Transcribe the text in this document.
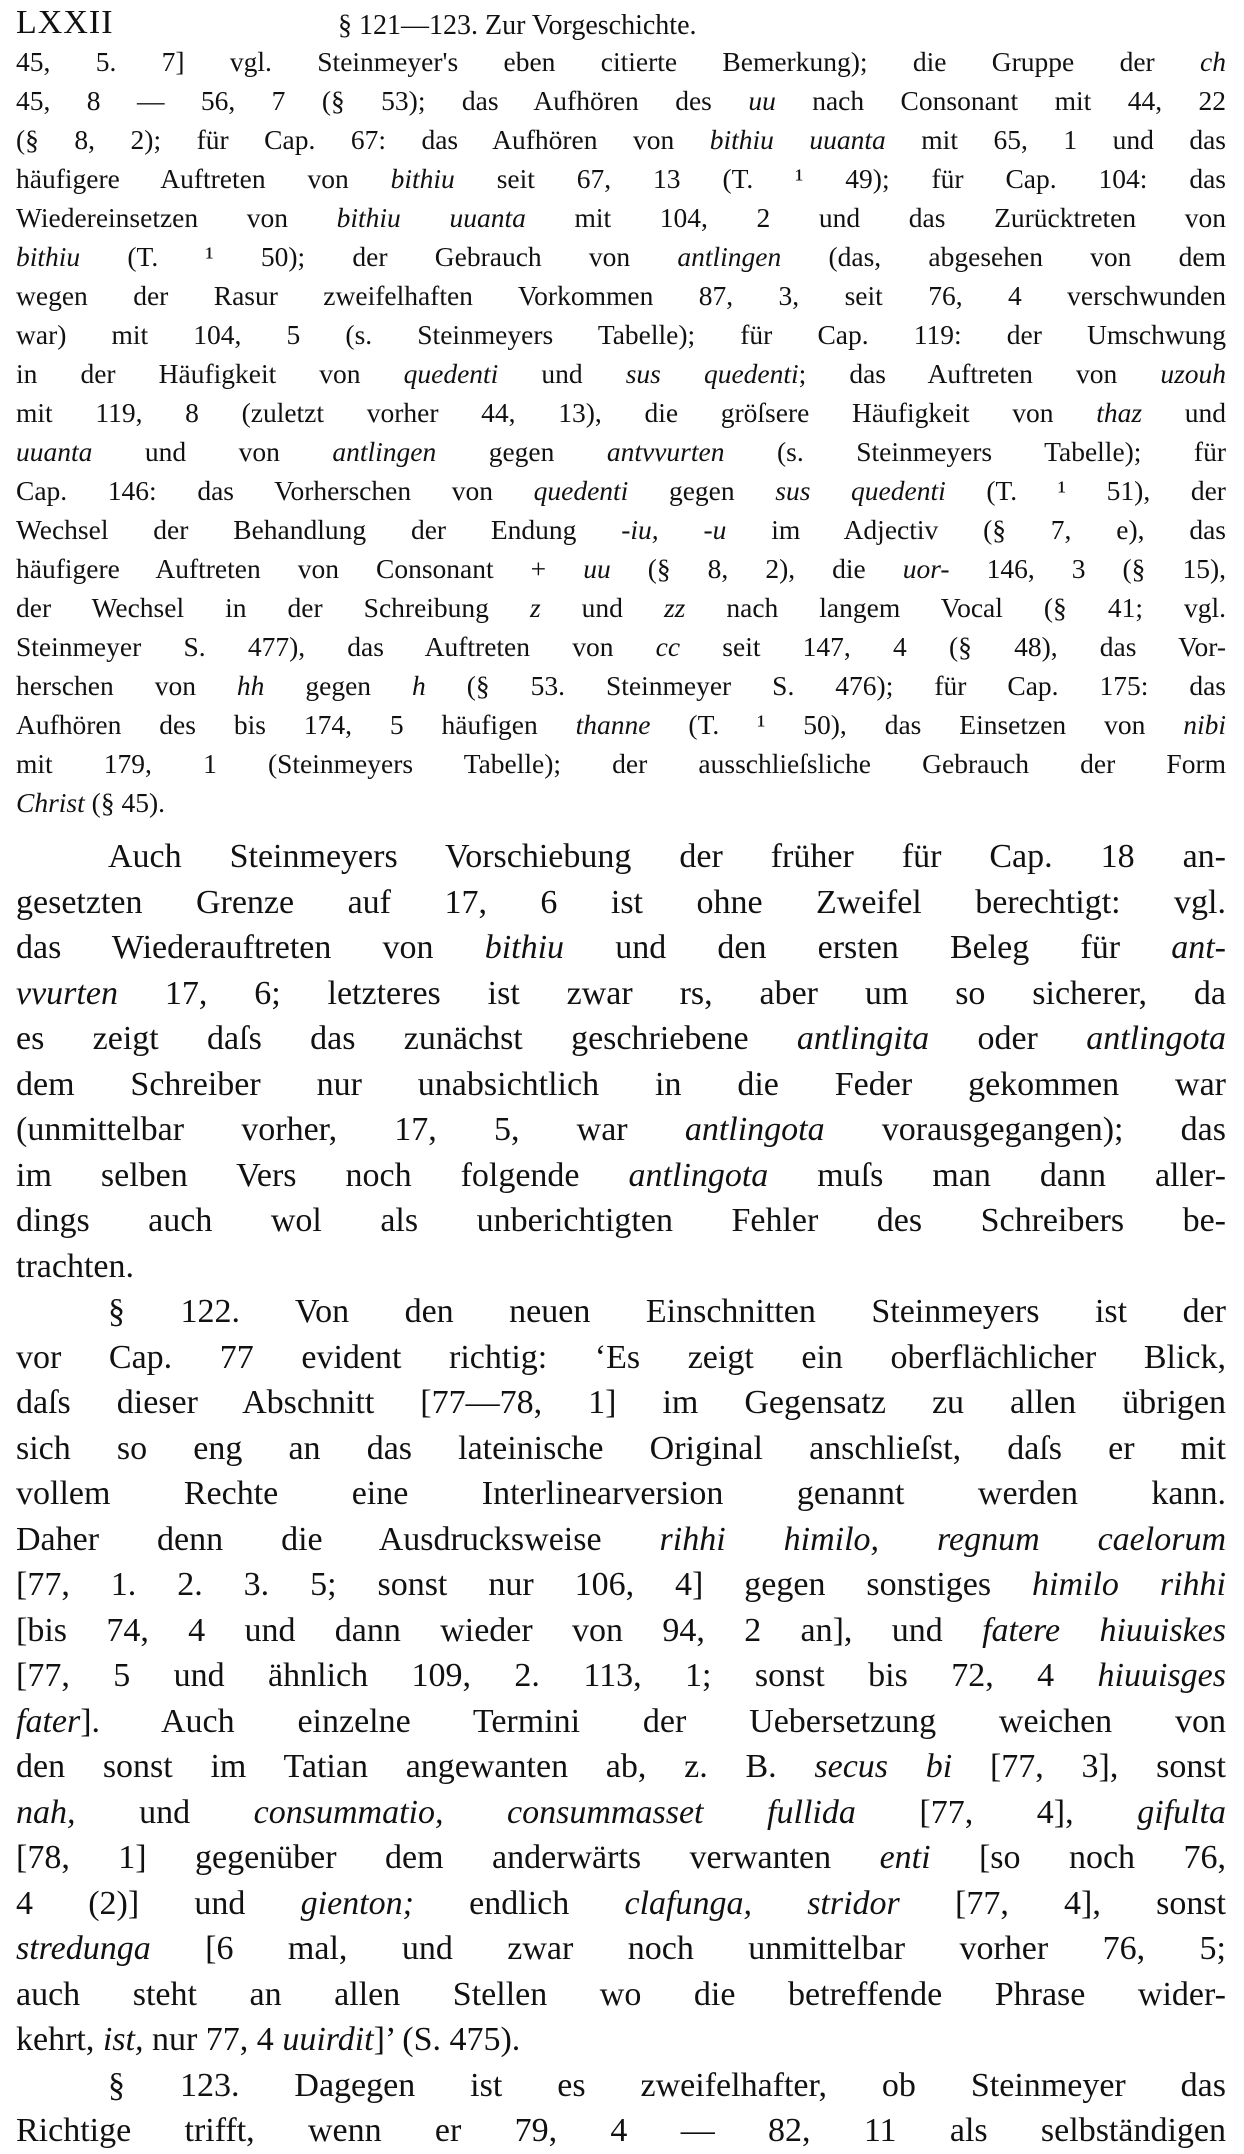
LXXII	§ 121—123. Zur Vorgeschichte.
45, 5. 7] vgl. Steinmeyer's eben citierte Bemerkung); die Gruppe der ch
45, 8 — 56, 7 (§ 53); das Aufhören des uu nach Consonant mit 44, 22
(§ 8, 2); für Cap. 67: das Aufhören von bithiu uuanta mit 65, 1 und das
häufigere Auftreten von bithiu seit 67, 13 (T. ¹ 49); für Cap. 104: das
Wiedereinsetzen von bithiu uuanta mit 104, 2 und das Zurücktreten von
bithiu (T. ¹ 50); der Gebrauch von antlingen (das, abgesehen von dem
wegen der Rasur zweifelhaften Vorkommen 87, 3, seit 76, 4 verschwunden
war) mit 104, 5 (s. Steinmeyers Tabelle); für Cap. 119: der Umschwung
in der Häufigkeit von quedenti und sus quedenti; das Auftreten von uzouh
mit 119, 8 (zuletzt vorher 44, 13), die gröſsere Häufigkeit von thaz und
uuanta und von antlingen gegen antvvurten (s. Steinmeyers Tabelle); für
Cap. 146: das Vorherschen von quedenti gegen sus quedenti (T. ¹ 51), der
Wechsel der Behandlung der Endung -iu, -u im Adjectiv (§ 7, e), das
häufigere Auftreten von Consonant + uu (§ 8, 2), die uor- 146, 3 (§ 15),
der Wechsel in der Schreibung z und zz nach langem Vocal (§ 41; vgl.
Steinmeyer S. 477), das Auftreten von cc seit 147, 4 (§ 48), das Vor-
herschen von hh gegen h (§ 53. Steinmeyer S. 476); für Cap. 175: das
Aufhören des bis 174, 5 häufigen thanne (T. ¹ 50), das Einsetzen von nibi
mit 179, 1 (Steinmeyers Tabelle); der ausschlieſsliche Gebrauch der Form
Christ (§ 45).
Auch Steinmeyers Vorschiebung der früher für Cap. 18 an-
gesetzten Grenze auf 17, 6 ist ohne Zweifel berechtigt: vgl.
das Wiederauftreten von bithiu und den ersten Beleg für ant-
vvurten 17, 6; letzteres ist zwar rs, aber um so sicherer, da
es zeigt daſs das zunächst geschriebene antlingita oder antlingota
dem Schreiber nur unabsichtlich in die Feder gekommen war
(unmittelbar vorher, 17, 5, war antlingota vorausgegangen); das
im selben Vers noch folgende antlingota muſs man dann aller-
dings auch wol als unberichtigten Fehler des Schreibers be-
trachten.
§ 122. Von den neuen Einschnitten Steinmeyers ist der
vor Cap. 77 evident richtig: ‘Es zeigt ein oberflächlicher Blick,
daſs dieser Abschnitt [77—78, 1] im Gegensatz zu allen übrigen
sich so eng an das lateinische Original anschlieſst, daſs er mit
vollem Rechte eine Interlinearversion genannt werden kann.
Daher denn die Ausdrucksweise rihhi himilo, regnum caelorum
[77, 1. 2. 3. 5; sonst nur 106, 4] gegen sonstiges himilo rihhi
[bis 74, 4 und dann wieder von 94, 2 an], und fatere hiuuiskes
[77, 5 und ähnlich 109, 2. 113, 1; sonst bis 72, 4 hiuuisges
fater]. Auch einzelne Termini der Uebersetzung weichen von
den sonst im Tatian angewanten ab, z. B. secus bi [77, 3], sonst
nah, und consummatio, consummasset fullida [77, 4], gifulta
[78, 1] gegenüber dem anderwärts verwanten enti [so noch 76,
4 (2)] und gienton; endlich clafunga, stridor [77, 4], sonst
stredunga [6 mal, und zwar noch unmittelbar vorher 76, 5;
auch steht an allen Stellen wo die betreffende Phrase wider-
kehrt, ist, nur 77, 4 uuirdit]’ (S. 475).
§ 123. Dagegen ist es zweifelhafter, ob Steinmeyer das
Richtige trifft, wenn er 79, 4 — 82, 11 als selbständigen
